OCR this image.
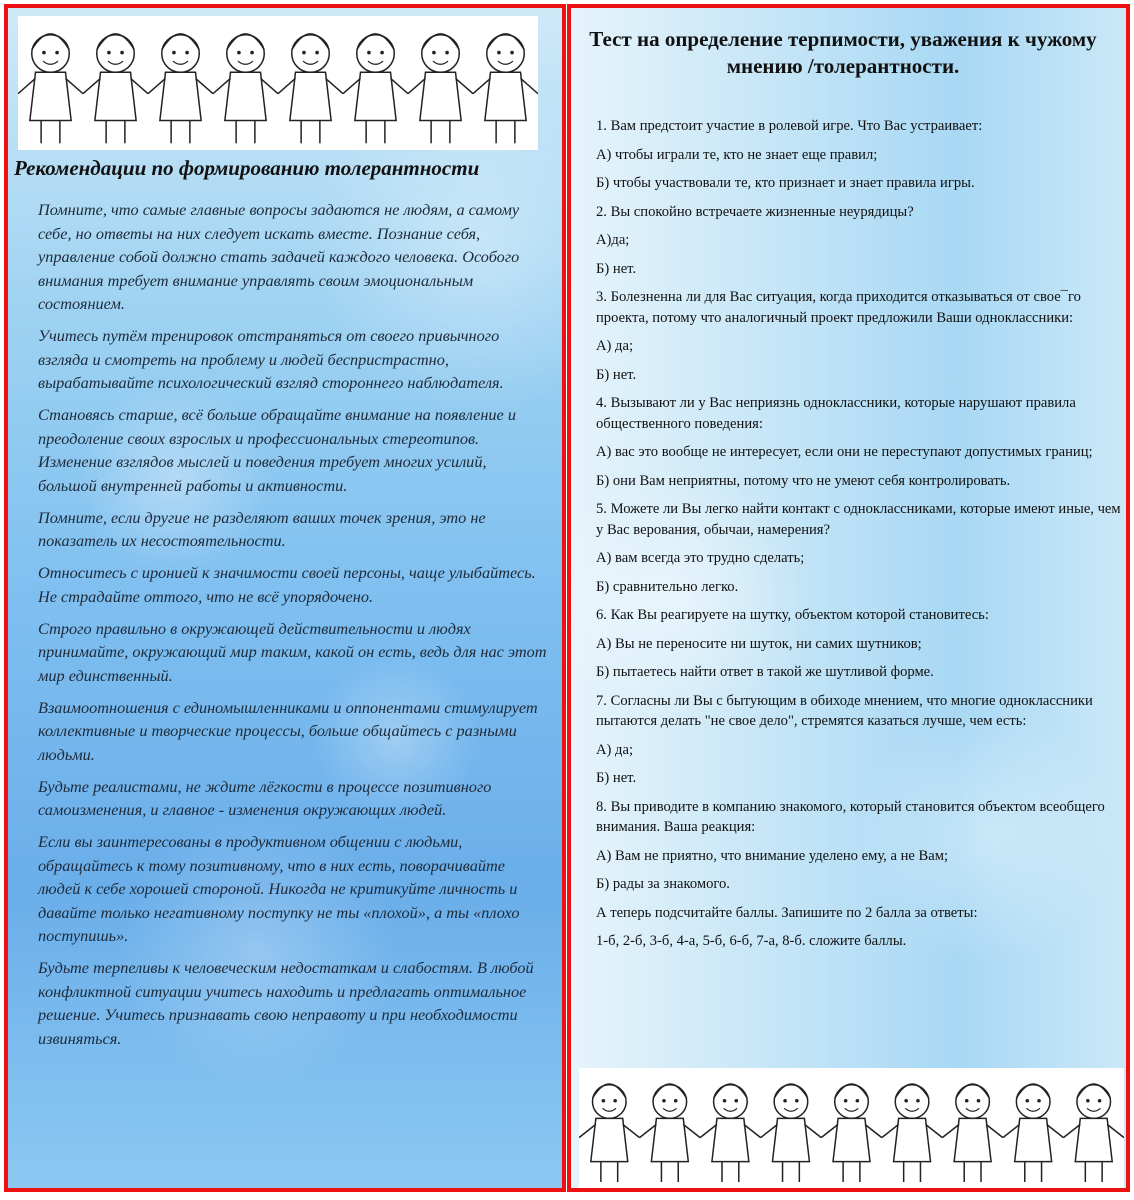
Рекомендации по формированию толерантности

Помните, что самые главные вопросы задаются не людям, а самому себе, но ответы на них следует искать вместе. Познание себя, управление собой должно стать задачей каждого человека. Особого внимания требует внимание управлять своим эмоциональным состоянием.

Учитесь путём тренировок отстраняться от своего привычного взгляда и смотреть на проблему и людей беспристрастно, вырабатывайте психологический взгляд стороннего наблюдателя.

Становясь старше, всё больше обращайте внимание на появление и преодоление своих взрослых и профессиональных стереотипов. Изменение взглядов мыслей и поведения требует многих усилий, большой внутренней работы и активности.

Помните, если другие не разделяют ваших точек зрения, это не показатель их несостоятельности.

Относитесь с иронией к значимости своей персоны, чаще улыбайтесь. Не страдайте оттого, что не всё упорядочено.

Строго правильно в окружающей действительности и людях принимайте, окружающий мир таким, какой он есть, ведь для нас этот мир единственный.

Взаимоотношения с единомышленниками и оппонентами стимулирует коллективные и творческие процессы, больше общайтесь с разными людьми.

Будьте реалистами, не ждите лёгкости в процессе позитивного самоизменения, и главное - изменения окружающих людей.

Если вы заинтересованы в продуктивном общении с людьми, обращайтесь к тому позитивному, что в них есть, поворачивайте людей к себе хорошей стороной. Никогда не критикуйте личность и давайте только негативному поступку не ты «плохой», а ты «плохо поступишь».

Будьте терпеливы к человеческим недостаткам и слабостям. В любой конфликтной ситуации учитесь находить и предлагать оптимальное решение. Учитесь признавать свою неправоту и при необходимости извиняться.

Тест на определение терпимости, уважения к чужому
мнению /толерантности.

1. Вам предстоит участие в ролевой игре. Что Вас устраивает:

А) чтобы играли те, кто не знает еще правил;

Б) чтобы участвовали те, кто признает и знает правила игры.

2. Вы спокойно встречаете жизненные неурядицы?

А)да;

Б) нет.

3. Болезненна ли для Вас ситуация, когда приходится отказываться от свое¯го проекта, потому что аналогичный проект предложили Ваши одноклассники:

А) да;

Б) нет.

4. Вызывают ли у Вас неприязнь одноклассники, которые нарушают правила общественного поведения:

А) вас это вообще не интересует, если они не переступают допустимых границ;

Б) они Вам неприятны, потому что не умеют себя контролировать.

5. Можете ли Вы легко найти контакт с одноклассниками, которые имеют иные, чем у Вас верования, обычаи, намерения?

А) вам всегда это трудно сделать;

Б) сравнительно легко.

6. Как Вы реагируете на шутку, объектом которой становитесь:

А) Вы не переносите ни шуток, ни самих шутников;

Б) пытаетесь найти ответ в такой же шутливой форме.

7. Согласны ли Вы с бытующим в обиходе мнением, что многие одноклассники пытаются делать "не свое дело", стремятся казаться лучше, чем есть:

А) да;

Б) нет.

8. Вы приводите в компанию знакомого, который становится объектом всеобщего внимания. Ваша реакция:

А) Вам не приятно, что внимание уделено ему, а не Вам;

Б) рады за знакомого.

А теперь подсчитайте баллы. Запишите по 2 балла за ответы:

1-б, 2-б, 3-б, 4-а, 5-б, 6-б, 7-а, 8-б. сложите баллы.
